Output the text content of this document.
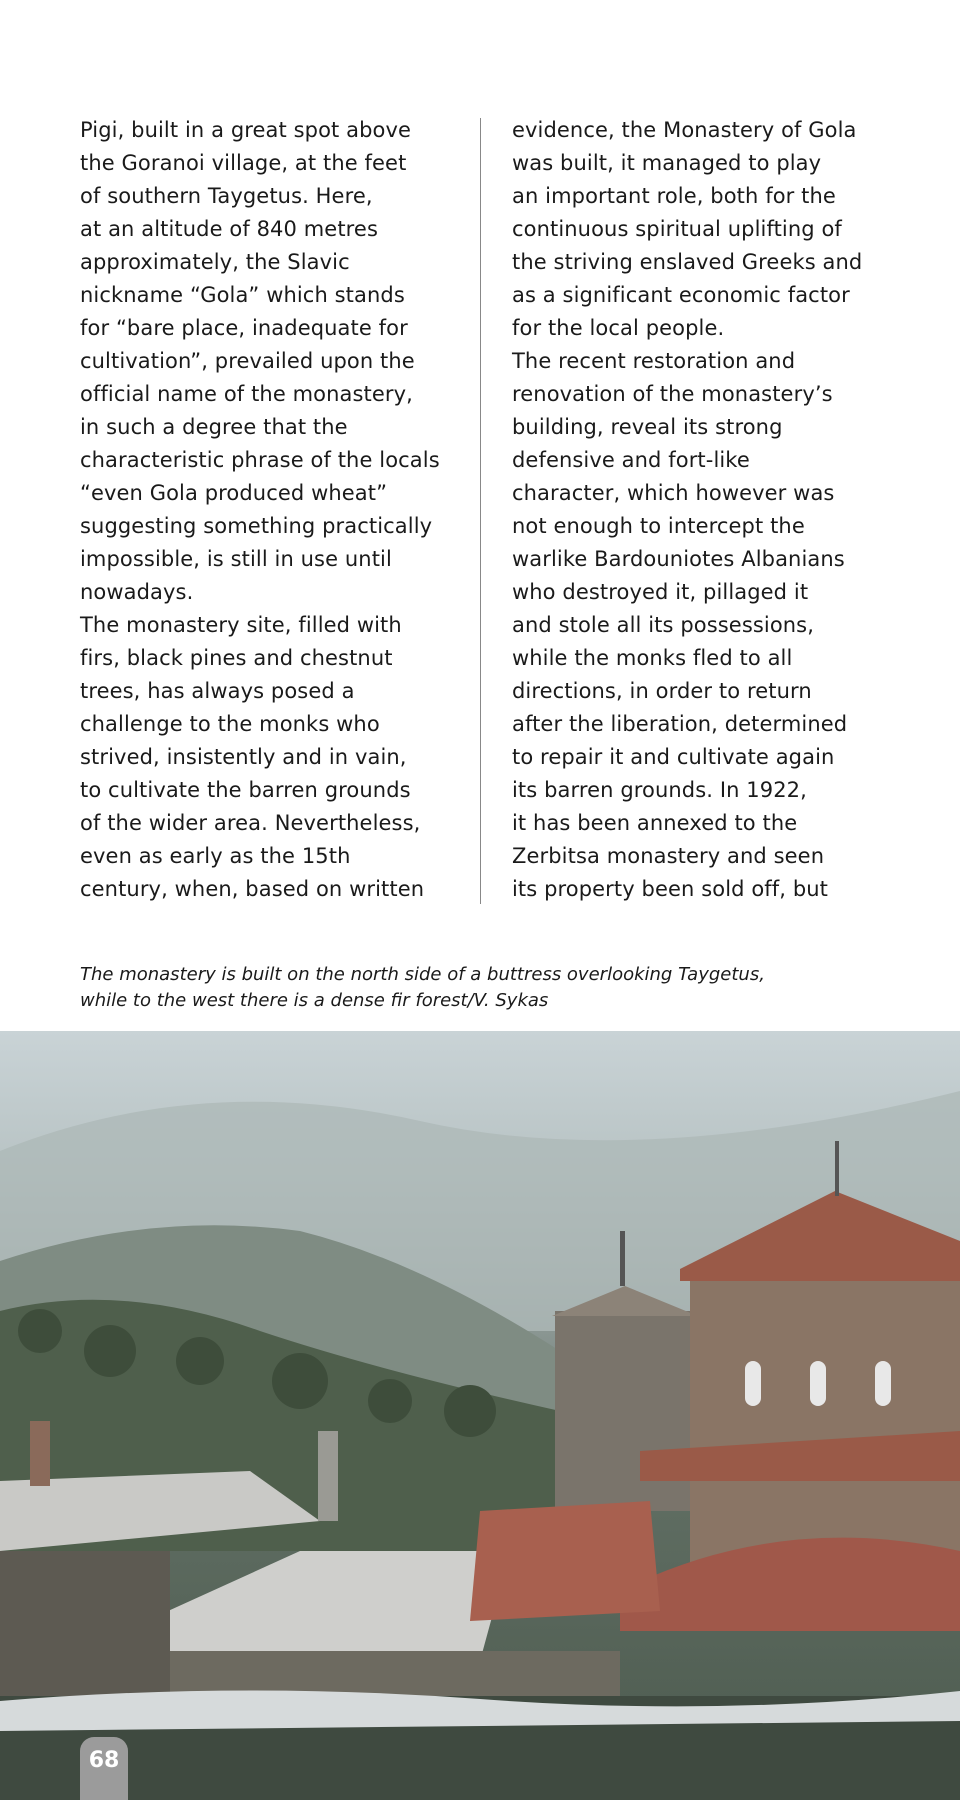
Pigi, built in a great spot above
the Goranoi village, at the feet
of southern Taygetus. Here,
at an altitude of 840 metres
approximately, the Slavic
nickname “Gola” which stands
for “bare place, inadequate for
cultivation”, prevailed upon the
official name of the monastery,
in such a degree that the
characteristic phrase of the locals
“even Gola produced wheat”
suggesting something practically
impossible, is still in use until
nowadays.
The monastery site, filled with
firs, black pines and chestnut
trees, has always posed a
challenge to the monks who
strived, insistently and in vain,
to cultivate the barren grounds
of the wider area. Nevertheless,
even as early as the 15th
century, when, based on written
evidence, the Monastery of Gola
was built, it managed to play
an important role, both for the
continuous spiritual uplifting of
the striving enslaved Greeks and
as a significant economic factor
for the local people.
The recent restoration and
renovation of the monastery’s
building, reveal its strong
defensive and fort-like
character, which however was
not enough to intercept the
warlike Bardouniotes Albanians
who destroyed it, pillaged it
and stole all its possessions,
while the monks fled to all
directions, in order to return
after the liberation, determined
to repair it and cultivate again
its barren grounds. In 1922,
it has been annexed to the
Zerbitsa monastery and seen
its property been sold off, but
The monastery is built on the north side of a buttress overlooking Taygetus,
while to the west there is a dense fir forest/V. Sykas
68
